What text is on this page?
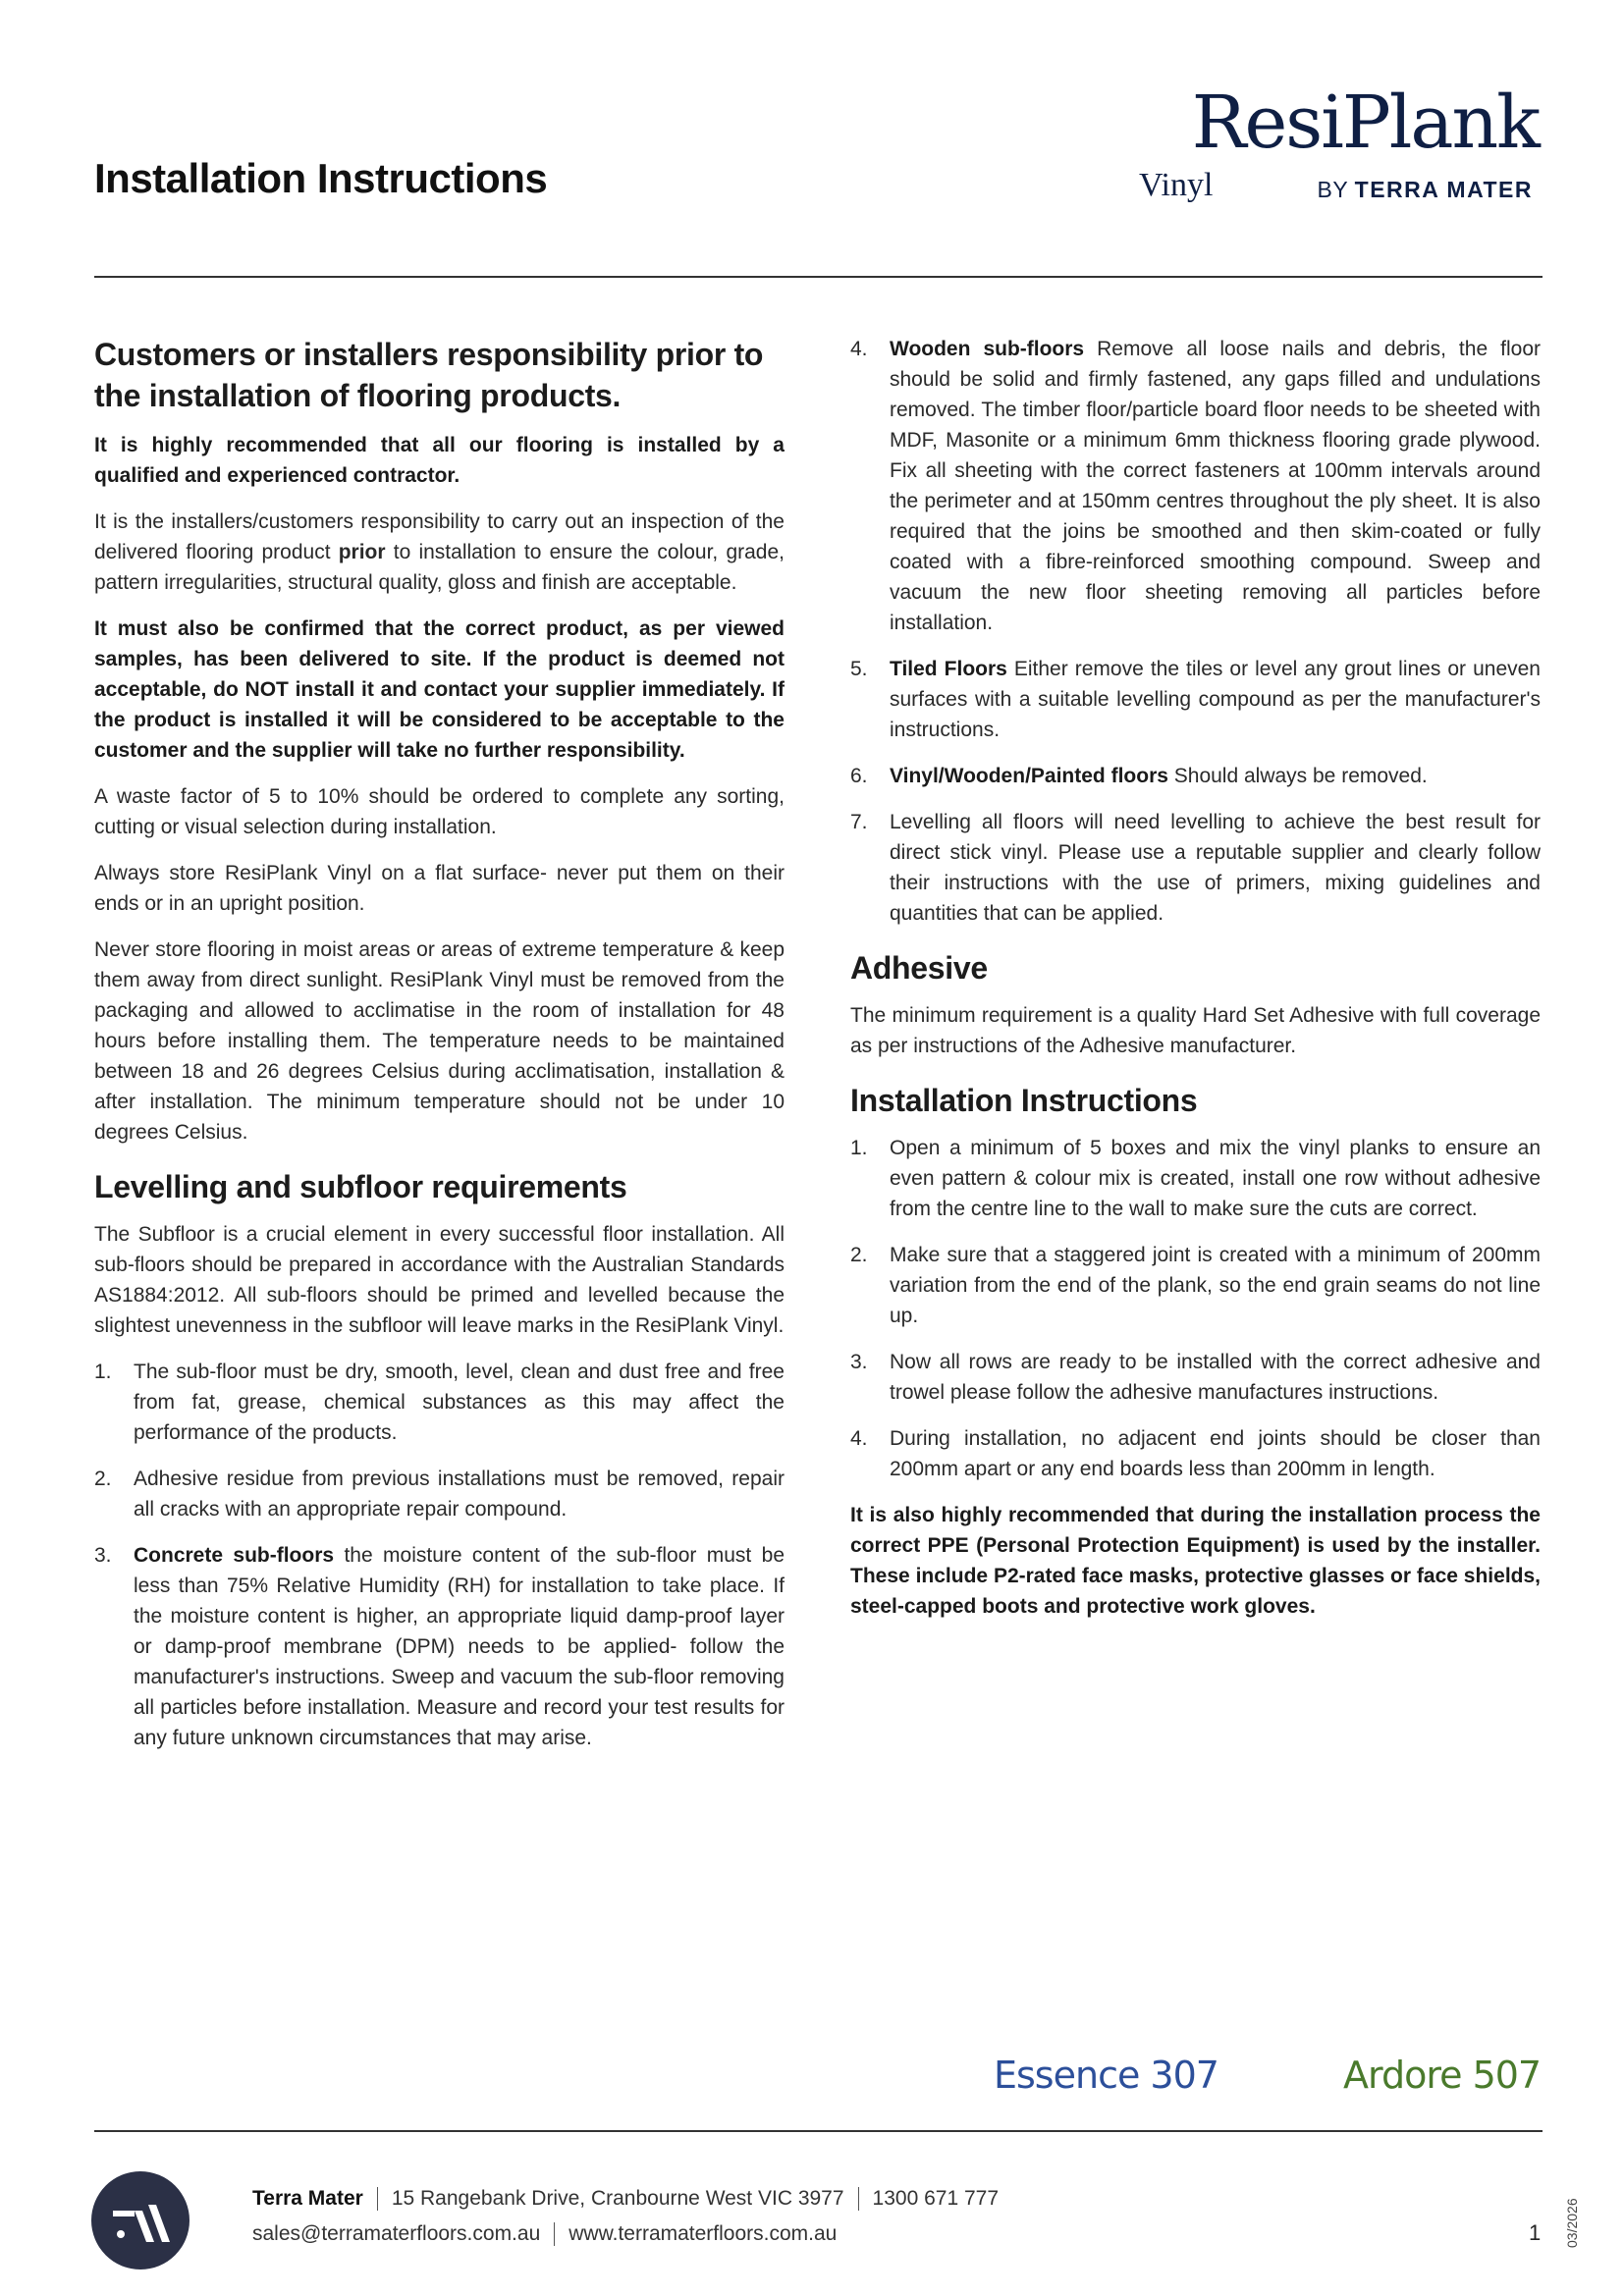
Installation Instructions
ResiPlank
Vinyl	BY TERRA MATER
Customers or installers responsibility prior to the installation of flooring products.

It is highly recommended that all our flooring is installed by a qualified and experienced contractor.

It is the installers/customers responsibility to carry out an inspection of the delivered flooring product prior to installation to ensure the colour, grade, pattern irregularities, structural quality, gloss and finish are acceptable.

It must also be confirmed that the correct product, as per viewed samples, has been delivered to site. If the product is deemed not acceptable, do NOT install it and contact your supplier immediately. If the product is installed it will be considered to be acceptable to the customer and the supplier will take no further responsibility.

A waste factor of 5 to 10% should be ordered to complete any sorting, cutting or visual selection during installation.

Always store ResiPlank Vinyl on a flat surface- never put them on their ends or in an upright position.

Never store flooring in moist areas or areas of extreme temperature & keep them away from direct sunlight. ResiPlank Vinyl must be removed from the packaging and allowed to acclimatise in the room of installation for 48 hours before installing them. The temperature needs to be maintained between 18 and 26 degrees Celsius during acclimatisation, installation & after installation. The minimum temperature should not be under 10 degrees Celsius.

Levelling and subfloor requirements

The Subfloor is a crucial element in every successful floor installation. All sub-floors should be prepared in accordance with the Australian Standards AS1884:2012. All sub-floors should be primed and levelled because the slightest unevenness in the subfloor will leave marks in the ResiPlank Vinyl.

1. The sub-floor must be dry, smooth, level, clean and dust free and free from fat, grease, chemical substances as this may affect the performance of the products.
2. Adhesive residue from previous installations must be removed, repair all cracks with an appropriate repair compound.
3. Concrete sub-floors the moisture content of the sub-floor must be less than 75% Relative Humidity (RH) for installation to take place. If the moisture content is higher, an appropriate liquid damp-proof layer or damp-proof membrane (DPM) needs to be applied- follow the manufacturer's instructions. Sweep and vacuum the sub-floor removing all particles before installation. Measure and record your test results for any future unknown circumstances that may arise.
4. Wooden sub-floors Remove all loose nails and debris, the floor should be solid and firmly fastened, any gaps filled and undulations removed. The timber floor/particle board floor needs to be sheeted with MDF, Masonite or a minimum 6mm thickness flooring grade plywood. Fix all sheeting with the correct fasteners at 100mm intervals around the perimeter and at 150mm centres throughout the ply sheet. It is also required that the joins be smoothed and then skim-coated or fully coated with a fibre-reinforced smoothing compound. Sweep and vacuum the new floor sheeting removing all particles before installation.
5. Tiled Floors Either remove the tiles or level any grout lines or uneven surfaces with a suitable levelling compound as per the manufacturer's instructions.
6. Vinyl/Wooden/Painted floors Should always be removed.
7. Levelling all floors will need levelling to achieve the best result for direct stick vinyl. Please use a reputable supplier and clearly follow their instructions with the use of primers, mixing guidelines and quantities that can be applied.
Adhesive

The minimum requirement is a quality Hard Set Adhesive with full coverage as per instructions of the Adhesive manufacturer.

Installation Instructions
1. Open a minimum of 5 boxes and mix the vinyl planks to ensure an even pattern & colour mix is created, install one row without adhesive from the centre line to the wall to make sure the cuts are correct.
2. Make sure that a staggered joint is created with a minimum of 200mm variation from the end of the plank, so the end grain seams do not line up.
3. Now all rows are ready to be installed with the correct adhesive and trowel please follow the adhesive manufactures instructions.
4. During installation, no adjacent end joints should be closer than 200mm apart or any end boards less than 200mm in length.

It is also highly recommended that during the installation process the correct PPE (Personal Protection Equipment) is used by the installer. These include P2-rated face masks, protective glasses or face shields, steel-capped boots and protective work gloves.

Essence 307	Ardore 507
Terra Mater 15 Rangebank Drive, Cranbourne West VIC 3977 1300 671 777
sales@terramaterfloors.com.au www.terramaterfloors.com.au	1 03/2026
